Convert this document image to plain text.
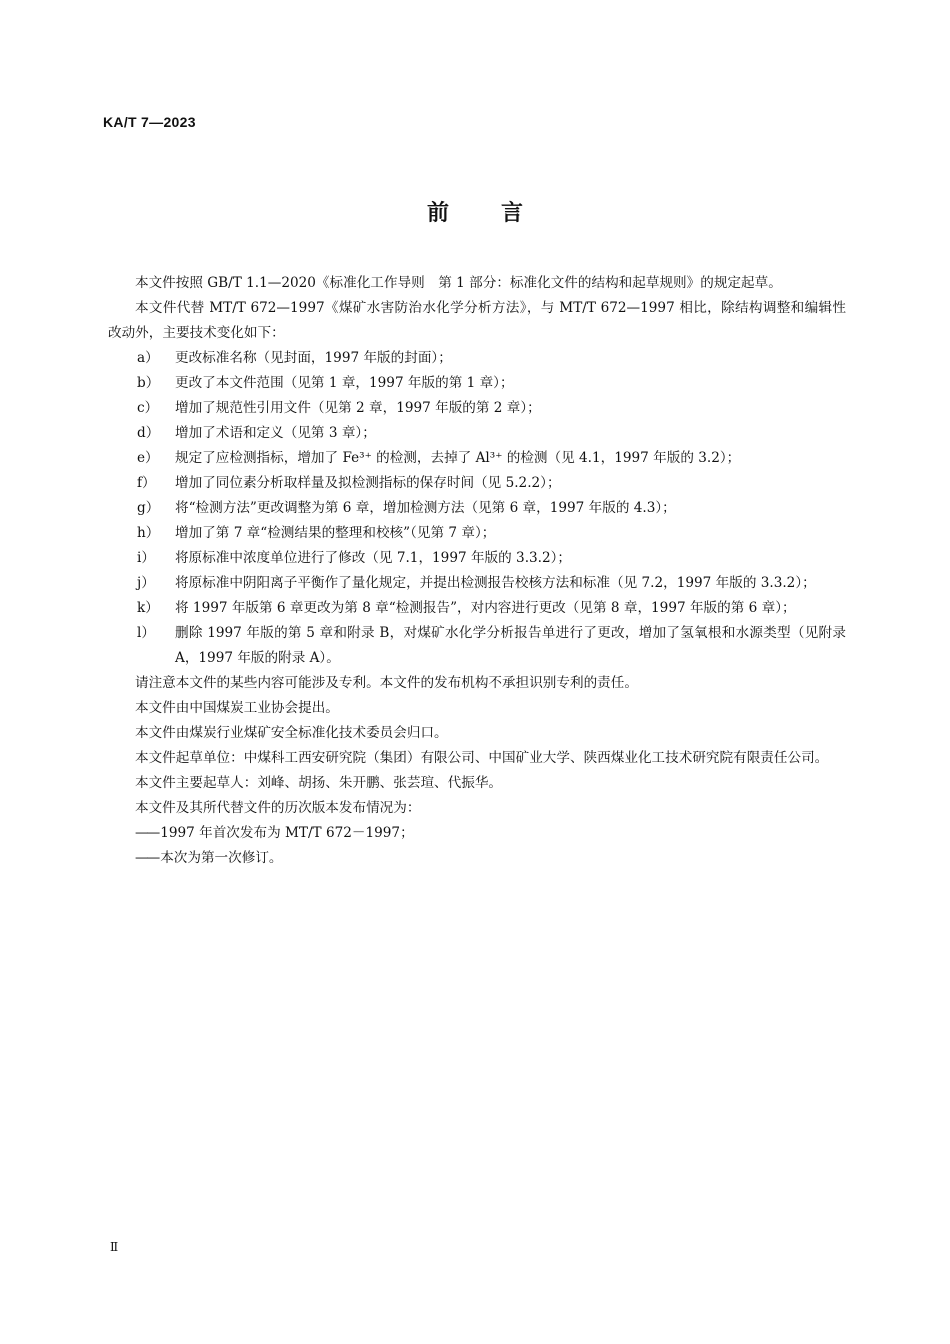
KA/T 7—2023
前 言

本文件按照 GB/T 1.1—2020《标准化工作导则　第 1 部分：标准化文件的结构和起草规则》的规定起草。

本文件代替 MT/T 672—1997《煤矿水害防治水化学分析方法》，与 MT/T 672—1997 相比，除结构调整和编辑性改动外，主要技术变化如下：

a）	更改标准名称（见封面，1997 年版的封面）；
b）	更改了本文件范围（见第 1 章，1997 年版的第 1 章）；
c）	增加了规范性引用文件（见第 2 章，1997 年版的第 2 章）；
d）	增加了术语和定义（见第 3 章）；
e）	规定了应检测指标，增加了 Fe³⁺ 的检测，去掉了 Al³⁺ 的检测（见 4.1，1997 年版的 3.2）；
f）	增加了同位素分析取样量及拟检测指标的保存时间（见 5.2.2）；
g）	将“检测方法”更改调整为第 6 章，增加检测方法（见第 6 章，1997 年版的 4.3）；
h）	增加了第 7 章“检测结果的整理和校核”（见第 7 章）；
i）	将原标准中浓度单位进行了修改（见 7.1，1997 年版的 3.3.2）；
j）	将原标准中阴阳离子平衡作了量化规定，并提出检测报告校核方法和标准（见 7.2，1997 年版的 3.3.2）；
k）	将 1997 年版第 6 章更改为第 8 章“检测报告”，对内容进行更改（见第 8 章，1997 年版的第 6 章）；
l）	删除 1997 年版的第 5 章和附录 B，对煤矿水化学分析报告单进行了更改，增加了氢氧根和水源类型（见附录 A，1997 年版的附录 A）。

请注意本文件的某些内容可能涉及专利。本文件的发布机构不承担识别专利的责任。

本文件由中国煤炭工业协会提出。

本文件由煤炭行业煤矿安全标准化技术委员会归口。

本文件起草单位：中煤科工西安研究院（集团）有限公司、中国矿业大学、陕西煤业化工技术研究院有限责任公司。

本文件主要起草人：刘峰、胡扬、朱开鹏、张芸瑄、代振华。

本文件及其所代替文件的历次版本发布情况为：

—— 1997 年首次发布为 MT/T 672－1997；

—— 本次为第一次修订。

Ⅱ
